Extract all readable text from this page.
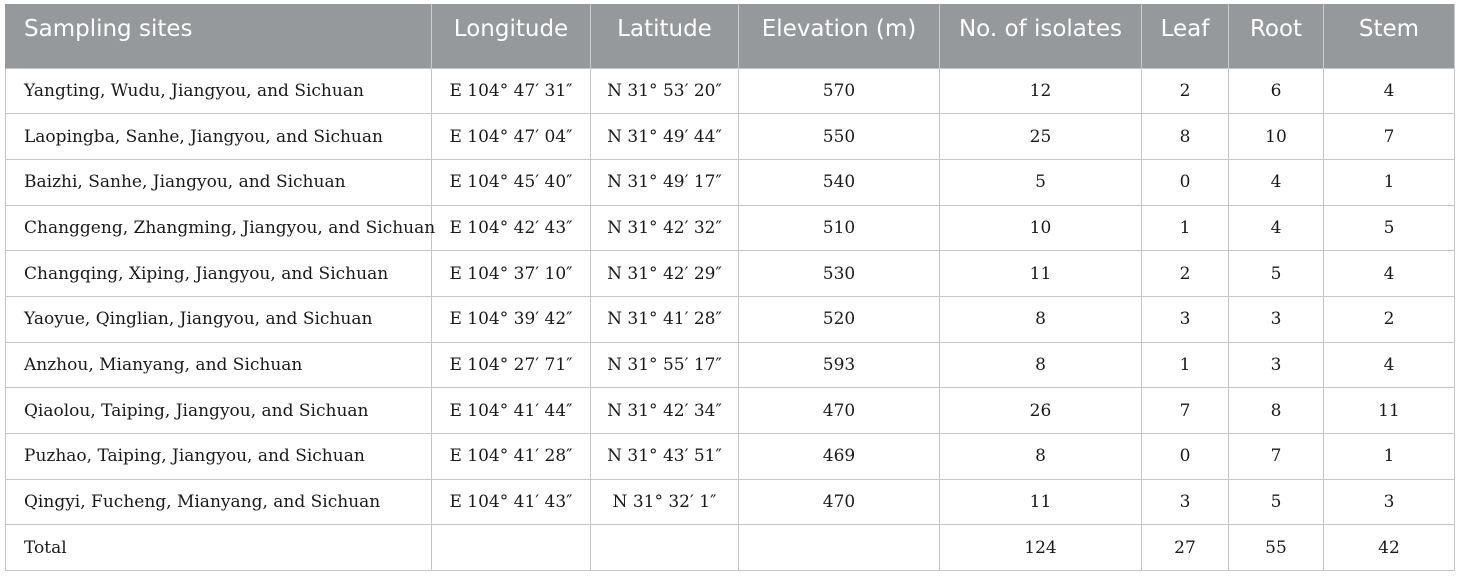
Sampling sites	Longitude	Latitude	Elevation (m)	No. of isolates	Leaf	Root	Stem
Yangting, Wudu, Jiangyou, and Sichuan	E 104° 47′ 31″	N 31° 53′ 20″	570	12	2	6	4
Laopingba, Sanhe, Jiangyou, and Sichuan	E 104° 47′ 04″	N 31° 49′ 44″	550	25	8	10	7
Baizhi, Sanhe, Jiangyou, and Sichuan	E 104° 45′ 40″	N 31° 49′ 17″	540	5	0	4	1
Changgeng, Zhangming, Jiangyou, and Sichuan	E 104° 42′ 43″	N 31° 42′ 32″	510	10	1	4	5
Changqing, Xiping, Jiangyou, and Sichuan	E 104° 37′ 10″	N 31° 42′ 29″	530	11	2	5	4
Yaoyue, Qinglian, Jiangyou, and Sichuan	E 104° 39′ 42″	N 31° 41′ 28″	520	8	3	3	2
Anzhou, Mianyang, and Sichuan	E 104° 27′ 71″	N 31° 55′ 17″	593	8	1	3	4
Qiaolou, Taiping, Jiangyou, and Sichuan	E 104° 41′ 44″	N 31° 42′ 34″	470	26	7	8	11
Puzhao, Taiping, Jiangyou, and Sichuan	E 104° 41′ 28″	N 31° 43′ 51″	469	8	0	7	1
Qingyi, Fucheng, Mianyang, and Sichuan	E 104° 41′ 43″	N 31° 32′ 1″	470	11	3	5	3
Total				124	27	55	42
